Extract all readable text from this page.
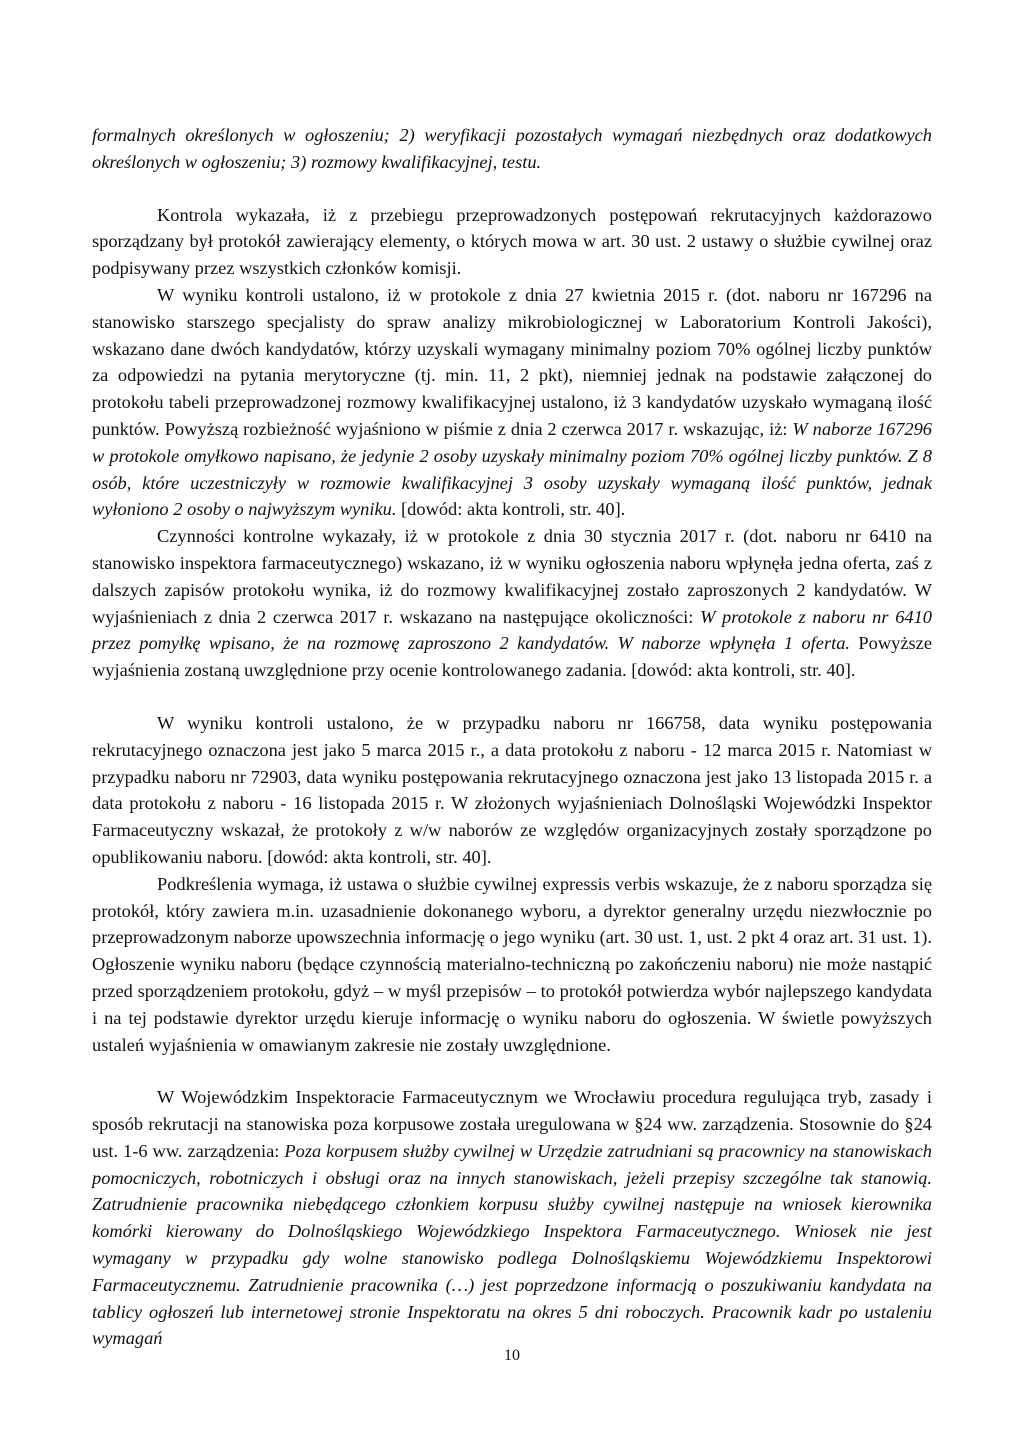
formalnych określonych w ogłoszeniu; 2) weryfikacji pozostałych wymagań niezbędnych oraz dodatkowych określonych w ogłoszeniu; 3) rozmowy kwalifikacyjnej, testu.

Kontrola wykazała, iż z przebiegu przeprowadzonych postępowań rekrutacyjnych każdorazowo sporządzany był protokół zawierający elementy, o których mowa w art. 30 ust. 2 ustawy o służbie cywilnej oraz podpisywany przez wszystkich członków komisji.

W wyniku kontroli ustalono, iż w protokole z dnia 27 kwietnia 2015 r. (dot. naboru nr 167296 na stanowisko starszego specjalisty do spraw analizy mikrobiologicznej w Laboratorium Kontroli Jakości), wskazano dane dwóch kandydatów, którzy uzyskali wymagany minimalny poziom 70% ogólnej liczby punktów za odpowiedzi na pytania merytoryczne (tj. min. 11, 2 pkt), niemniej jednak na podstawie załączonej do protokołu tabeli przeprowadzonej rozmowy kwalifikacyjnej ustalono, iż 3 kandydatów uzyskało wymaganą ilość punktów. Powyższą rozbieżność wyjaśniono w piśmie z dnia 2 czerwca 2017 r. wskazując, iż: W naborze 167296 w protokole omyłkowo napisano, że jedynie 2 osoby uzyskały minimalny poziom 70% ogólnej liczby punktów. Z 8 osób, które uczestniczyły w rozmowie kwalifikacyjnej 3 osoby uzyskały wymaganą ilość punktów, jednak wyłoniono 2 osoby o najwyższym wyniku. [dowód: akta kontroli, str. 40].

Czynności kontrolne wykazały, iż w protokole z dnia 30 stycznia 2017 r. (dot. naboru nr 6410 na stanowisko inspektora farmaceutycznego) wskazano, iż w wyniku ogłoszenia naboru wpłynęła jedna oferta, zaś z dalszych zapisów protokołu wynika, iż do rozmowy kwalifikacyjnej zostało zaproszonych 2 kandydatów. W wyjaśnieniach z dnia 2 czerwca 2017 r. wskazano na następujące okoliczności: W protokole z naboru nr 6410 przez pomyłkę wpisano, że na rozmowę zaproszono 2 kandydatów. W naborze wpłynęła 1 oferta. Powyższe wyjaśnienia zostaną uwzględnione przy ocenie kontrolowanego zadania. [dowód: akta kontroli, str. 40].

W wyniku kontroli ustalono, że w przypadku naboru nr 166758, data wyniku postępowania rekrutacyjnego oznaczona jest jako 5 marca 2015 r., a data protokołu z naboru - 12 marca 2015 r. Natomiast w przypadku naboru nr 72903, data wyniku postępowania rekrutacyjnego oznaczona jest jako 13 listopada 2015 r. a data protokołu z naboru - 16 listopada 2015 r. W złożonych wyjaśnieniach Dolnośląski Wojewódzki Inspektor Farmaceutyczny wskazał, że protokoły z w/w naborów ze względów organizacyjnych zostały sporządzone po opublikowaniu naboru. [dowód: akta kontroli, str. 40].

Podkreślenia wymaga, iż ustawa o służbie cywilnej expressis verbis wskazuje, że z naboru sporządza się protokół, który zawiera m.in. uzasadnienie dokonanego wyboru, a dyrektor generalny urzędu niezwłocznie po przeprowadzonym naborze upowszechnia informację o jego wyniku (art. 30 ust. 1, ust. 2 pkt 4 oraz art. 31 ust. 1). Ogłoszenie wyniku naboru (będące czynnością materialno-techniczną po zakończeniu naboru) nie może nastąpić przed sporządzeniem protokołu, gdyż – w myśl przepisów – to protokół potwierdza wybór najlepszego kandydata i na tej podstawie dyrektor urzędu kieruje informację o wyniku naboru do ogłoszenia. W świetle powyższych ustaleń wyjaśnienia w omawianym zakresie nie zostały uwzględnione.

W Wojewódzkim Inspektoracie Farmaceutycznym we Wrocławiu procedura regulująca tryb, zasady i sposób rekrutacji na stanowiska poza korpusowe została uregulowana w §24 ww. zarządzenia. Stosownie do §24 ust. 1-6 ww. zarządzenia: Poza korpusem służby cywilnej w Urzędzie zatrudniani są pracownicy na stanowiskach pomocniczych, robotniczych i obsługi oraz na innych stanowiskach, jeżeli przepisy szczególne tak stanowią. Zatrudnienie pracownika niebędącego członkiem korpusu służby cywilnej następuje na wniosek kierownika komórki kierowany do Dolnośląskiego Wojewódzkiego Inspektora Farmaceutycznego. Wniosek nie jest wymagany w przypadku gdy wolne stanowisko podlega Dolnośląskiemu Wojewódzkiemu Inspektorowi Farmaceutycznemu. Zatrudnienie pracownika (…) jest poprzedzone informacją o poszukiwaniu kandydata na tablicy ogłoszeń lub internetowej stronie Inspektoratu na okres 5 dni roboczych. Pracownik kadr po ustaleniu wymagań

10
